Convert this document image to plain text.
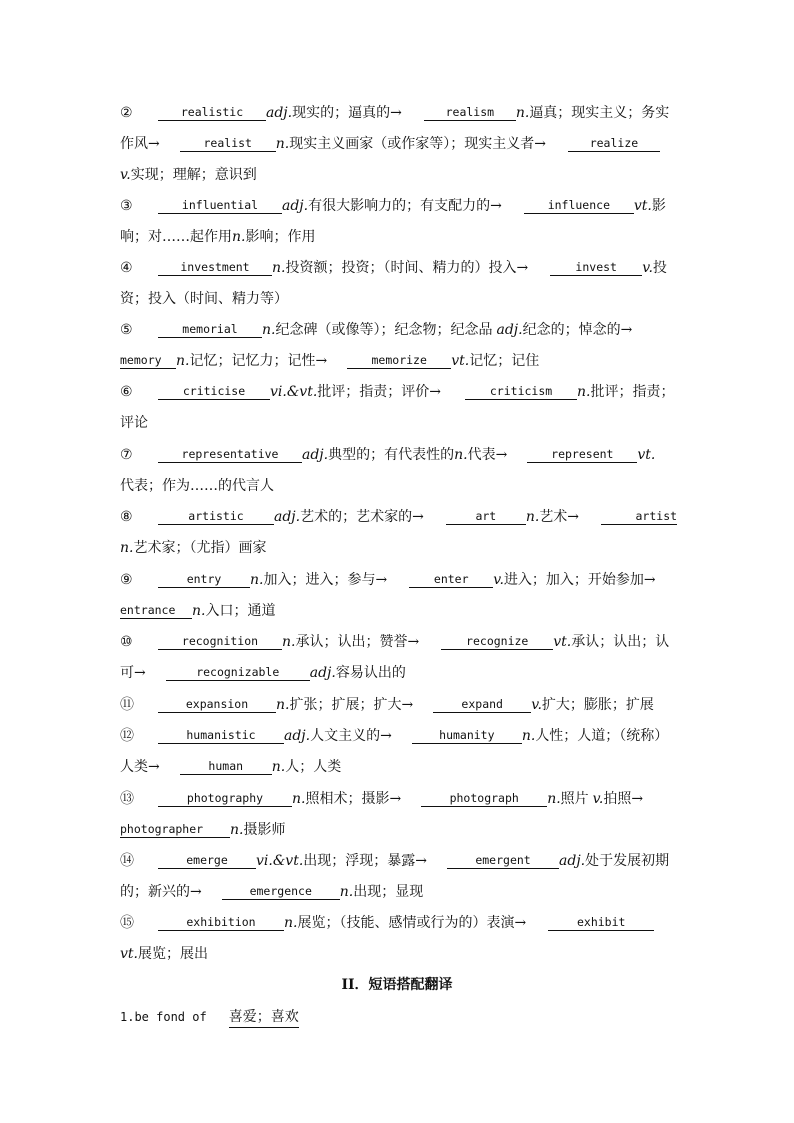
②	realistic adj.现实的；逼真的→	realism n.逼真；现实主义；务实
作风→	realist n.现实主义画家（或作家等）；现实主义者→	realize
v.实现；理解；意识到
③	influential adj.有很大影响力的；有支配力的→	influence vt.影
响；对……起作用n.影响；作用
④	investment n.投资额；投资；（时间、精力的）投入→	invest v.投
资；投入（时间、精力等）
⑤	memorial n.纪念碑（或像等）；纪念物；纪念品 adj.纪念的；悼念的→
memory n.记忆；记忆力；记性→	memorize vt.记忆；记住
⑥	criticise vi.&vt.批评；指责；评价→	criticism n.批评；指责；
评论
⑦	representative adj.典型的；有代表性的n.代表→	represent vt.
代表；作为……的代言人
⑧	artistic adj.艺术的；艺术家的→	art n.艺术→	artist
n.艺术家；（尤指）画家
⑨	entry n.加入；进入；参与→	enter v.进入；加入；开始参加→
entrance n.入口；通道
⑩	recognition n.承认；认出；赞誉→	recognize vt.承认；认出；认
可→	recognizable adj.容易认出的
⑪	expansion n.扩张；扩展；扩大→	expand v.扩大；膨胀；扩展
⑫	humanistic adj.人文主义的→	humanity n.人性；人道；（统称）
人类→	human n.人；人类
⑬	photography n.照相术；摄影→	photograph n.照片 v.拍照→
photographer n.摄影师
⑭	emerge vi.&vt.出现；浮现；暴露→	emergent adj.处于发展初期
的；新兴的→	emergence n.出现；显现
⑮	exhibition n.展览；（技能、感情或行为的）表演→	exhibit
vt.展览；展出
II．短语搭配翻译
1.be fond of 喜爱；喜欢
